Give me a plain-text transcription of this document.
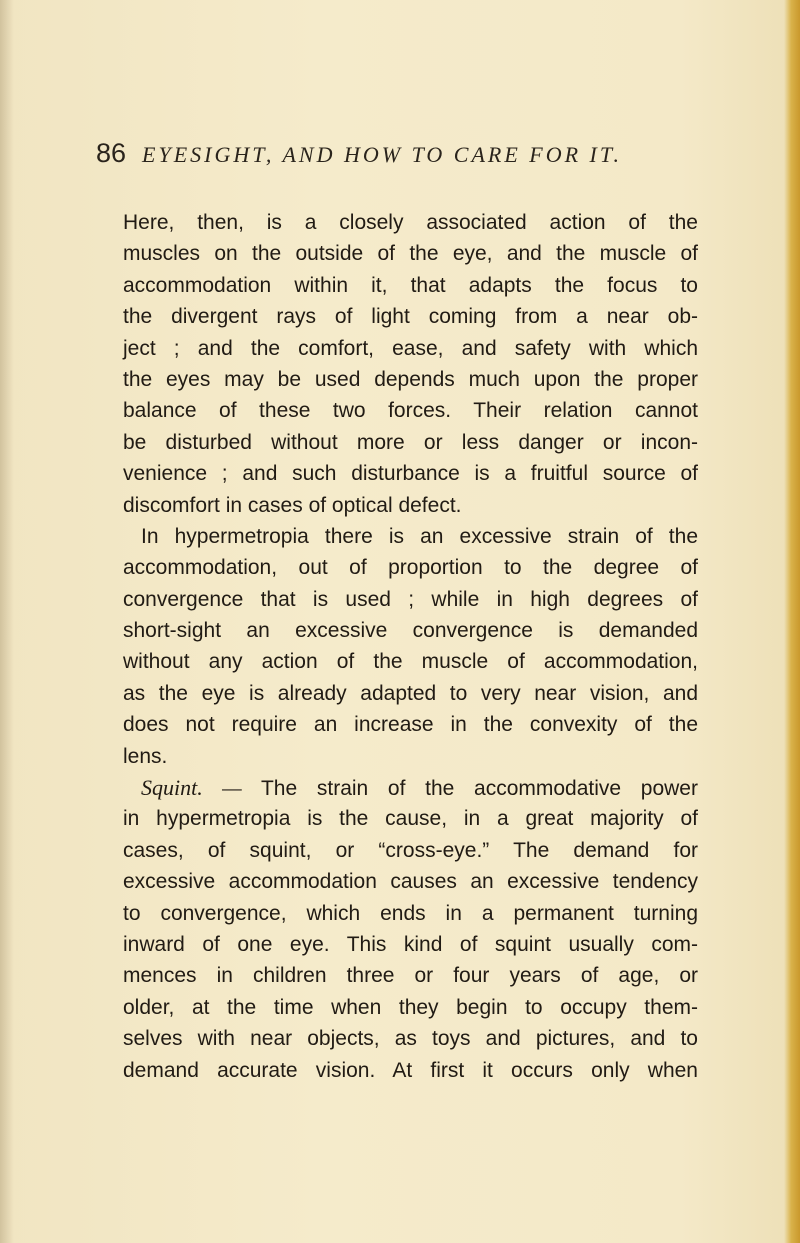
86 EYESIGHT, AND HOW TO CARE FOR IT.
Here, then, is a closely associated action of the
muscles on the outside of the eye, and the muscle of
accommodation within it, that adapts the focus to
the divergent rays of light coming from a near ob-
ject ; and the comfort, ease, and safety with which
the eyes may be used depends much upon the proper
balance of these two forces. Their relation cannot
be disturbed without more or less danger or incon-
venience ; and such disturbance is a fruitful source of
discomfort in cases of optical defect.
In hypermetropia there is an excessive strain of the
accommodation, out of proportion to the degree of
convergence that is used ; while in high degrees of
short-sight an excessive convergence is demanded
without any action of the muscle of accommodation,
as the eye is already adapted to very near vision, and
does not require an increase in the convexity of the
lens.
Squint. — The strain of the accommodative power
in hypermetropia is the cause, in a great majority of
cases, of squint, or “cross-eye.” The demand for
excessive accommodation causes an excessive tendency
to convergence, which ends in a permanent turning
inward of one eye. This kind of squint usually com-
mences in children three or four years of age, or
older, at the time when they begin to occupy them-
selves with near objects, as toys and pictures, and to
demand accurate vision. At first it occurs only when
